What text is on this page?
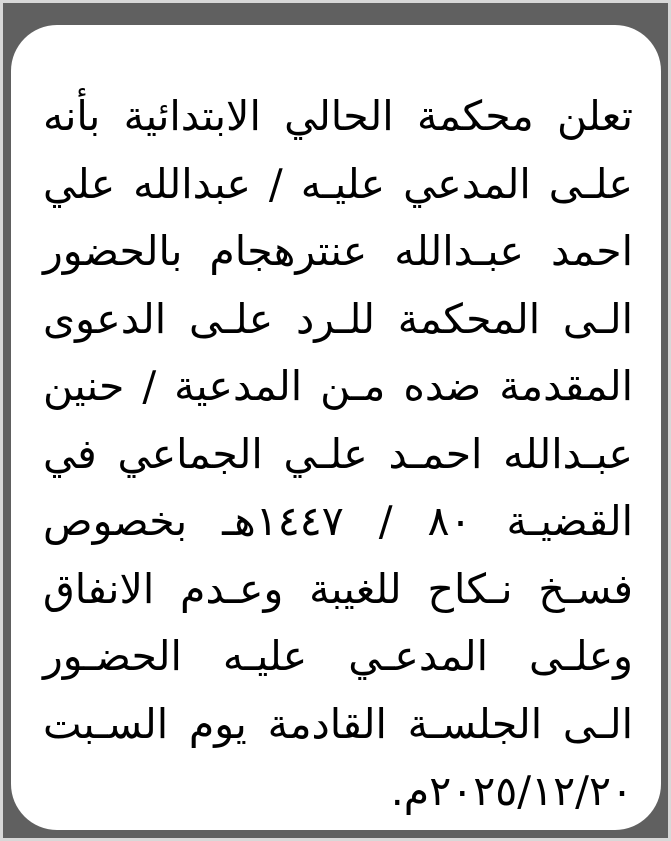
تعلن محكمة الحالي الابتدائية بأنه
علـى المدعي عليـه / عبدالله علي
احمد عبـدالله عنترهجام بالحضور
الـى المحكمة للـرد علـى الدعوى
المقدمة ضده مـن المدعية / حنين
عبـدالله احمـد علـي الجماعي في
القضيـة ٨٠ / ١٤٤٧هـ بخصوص
فسـخ نـكاح للغيبة وعـدم الانفاق
وعلـى المدعـي عليـه الحضـور
الـى الجلسـة القادمة يوم السـبت
٢٠٢٥/١٢/٢٠م.
